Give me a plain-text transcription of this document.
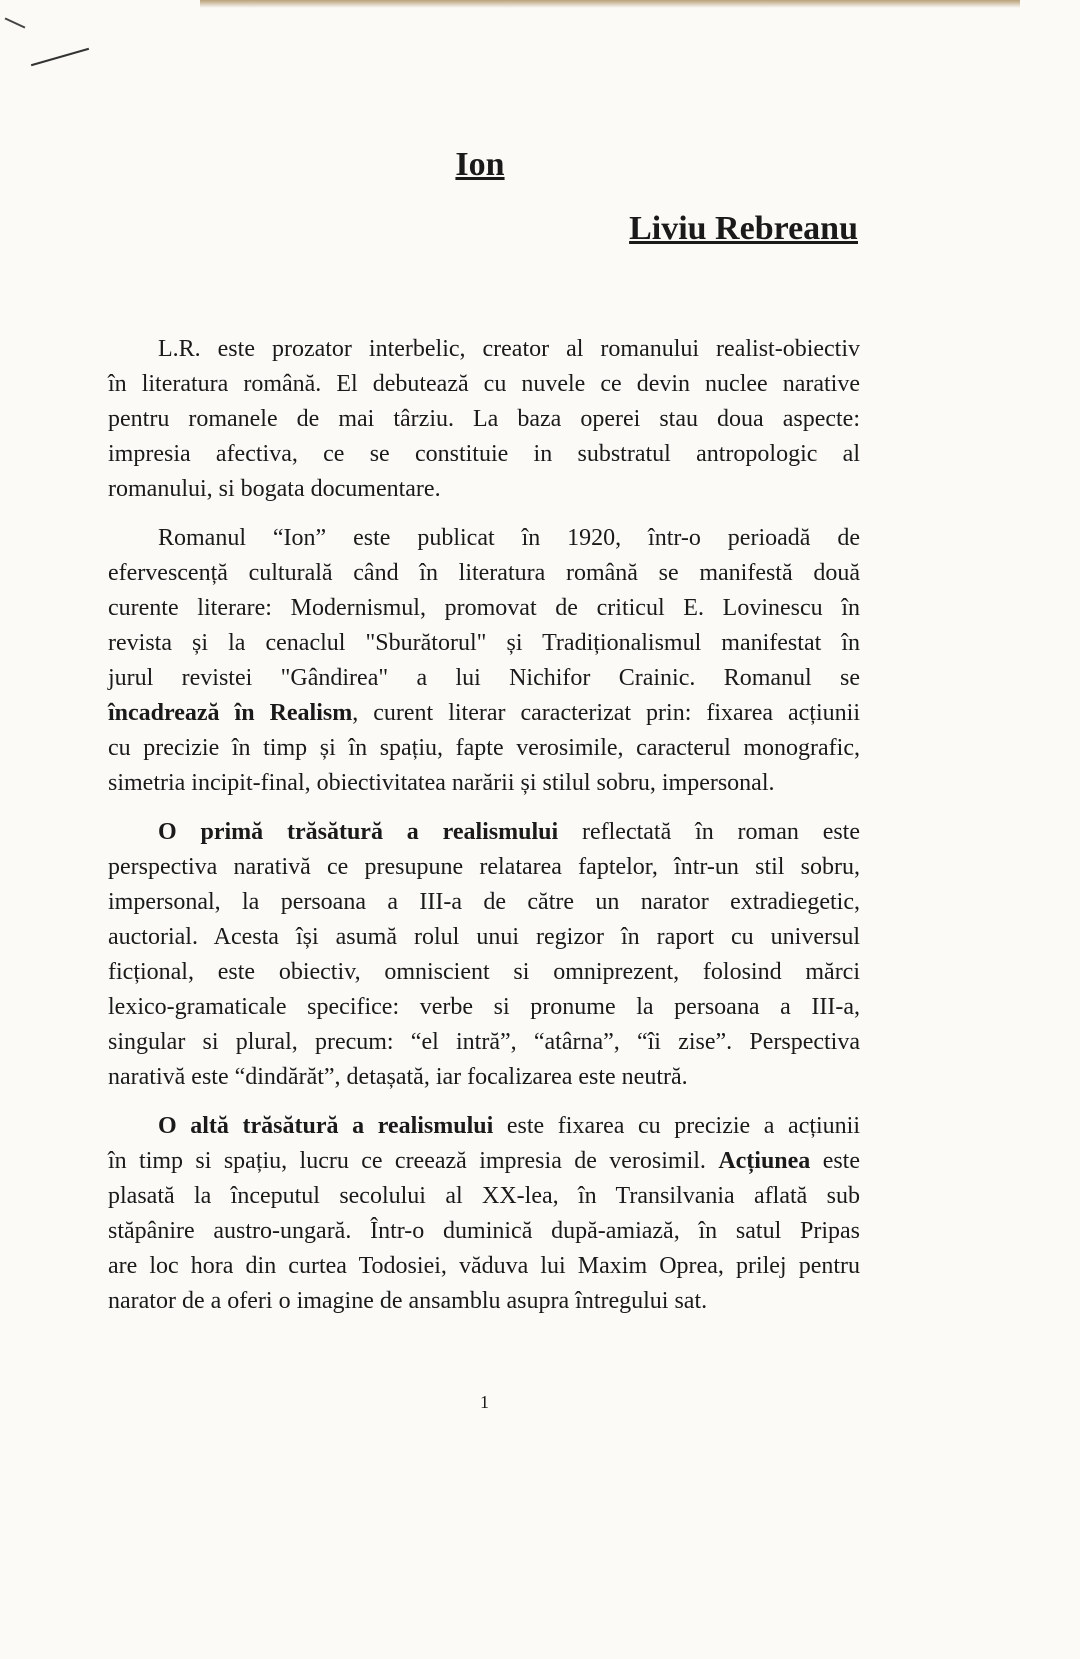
Ion
Liviu Rebreanu
L.R. este prozator interbelic, creator al romanului realist-obiectiv
în literatura română. El debutează cu nuvele ce devin nuclee narative
pentru romanele de mai târziu. La baza operei stau doua aspecte:
impresia afectiva, ce se constituie in substratul antropologic al
romanului, si bogata documentare.
Romanul “Ion” este publicat în 1920, într-o perioadă de
efervescență culturală când în literatura română se manifestă două
curente literare: Modernismul, promovat de criticul E. Lovinescu în
revista și la cenaclul "Sburătorul" și Tradiționalismul manifestat în
jurul revistei "Gândirea" a lui Nichifor Crainic. Romanul se
încadrează în Realism, curent literar caracterizat prin: fixarea acțiunii
cu precizie în timp și în spațiu, fapte verosimile, caracterul monografic,
simetria incipit-final, obiectivitatea narării și stilul sobru, impersonal.
O primă trăsătură a realismului reflectată în roman este
perspectiva narativă ce presupune relatarea faptelor, într-un stil sobru,
impersonal, la persoana a III-a de către un narator extradiegetic,
auctorial. Acesta își asumă rolul unui regizor în raport cu universul
ficțional, este obiectiv, omniscient si omniprezent, folosind mărci
lexico-gramaticale specifice: verbe si pronume la persoana a III-a,
singular si plural, precum: “el intră”, “atârna”, “îi zise”. Perspectiva
narativă este “dindărăt”, detașată, iar focalizarea este neutră.
O altă trăsătură a realismului este fixarea cu precizie a acțiunii
în timp si spațiu, lucru ce creează impresia de verosimil. Acțiunea este
plasată la începutul secolului al XX-lea, în Transilvania aflată sub
stăpânire austro-ungară. Într-o duminică după-amiază, în satul Pripas
are loc hora din curtea Todosiei, văduva lui Maxim Oprea, prilej pentru
narator de a oferi o imagine de ansamblu asupra întregului sat.
1
